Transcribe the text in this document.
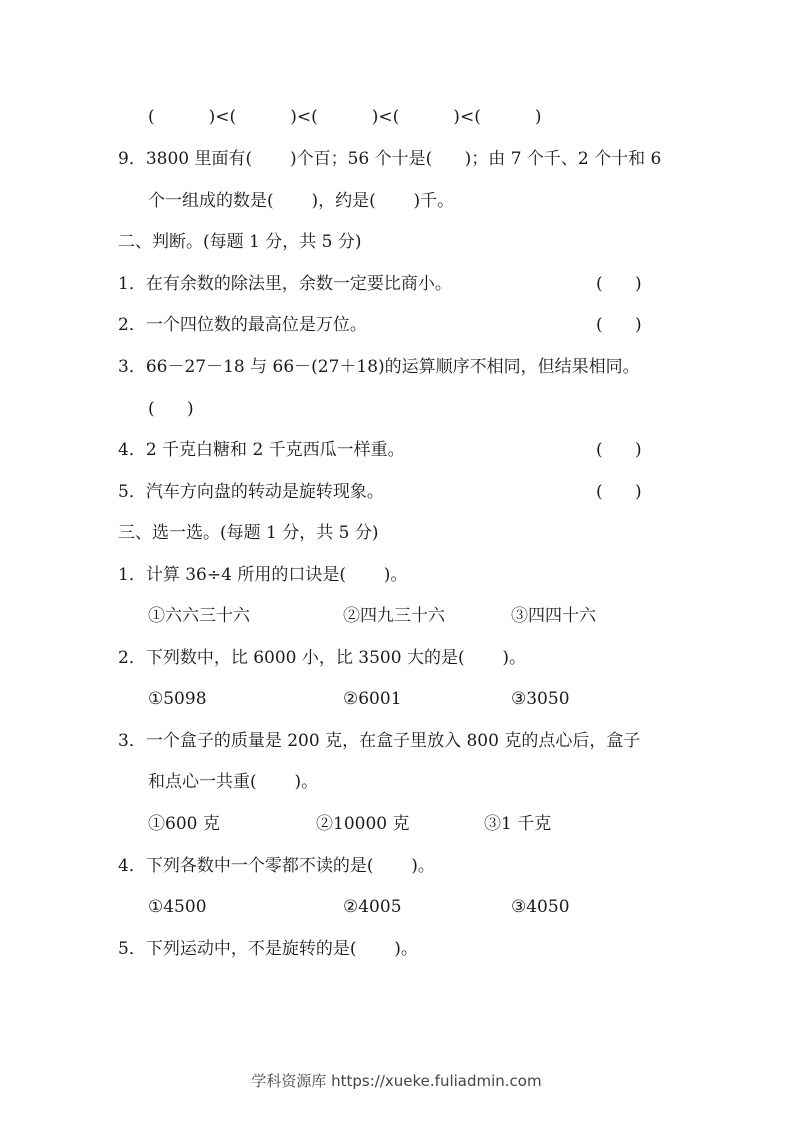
(          )<(          )<(          )<(          )<(          )
9．3800 里面有(       )个百；56 个十是(      )；由 7 个千、2 个十和 6
个一组成的数是(       )，约是(       )千。
二、判断。(每题 1 分，共 5 分)
1．在有余数的除法里，余数一定要比商小。	(      )
2．一个四位数的最高位是万位。	(      )
3．66－27－18 与 66－(27＋18)的运算顺序不相同，但结果相同。
(      )
4．2 千克白糖和 2 千克西瓜一样重。	(      )
5．汽车方向盘的转动是旋转现象。	(      )
三、选一选。(每题 1 分，共 5 分)
1．计算 36÷4 所用的口诀是(       )。
①六六三十六	②四九三十六	③四四十六
2．下列数中，比 6000 小，比 3500 大的是(       )。
①5098	②6001	③3050
3．一个盒子的质量是 200 克，在盒子里放入 800 克的点心后，盒子
和点心一共重(       )。
①600 克	②10000 克	③1 千克
4．下列各数中一个零都不读的是(       )。
①4500	②4005	③4050
5．下列运动中，不是旋转的是(       )。
学科资源库 https://xueke.fuliadmin.com
